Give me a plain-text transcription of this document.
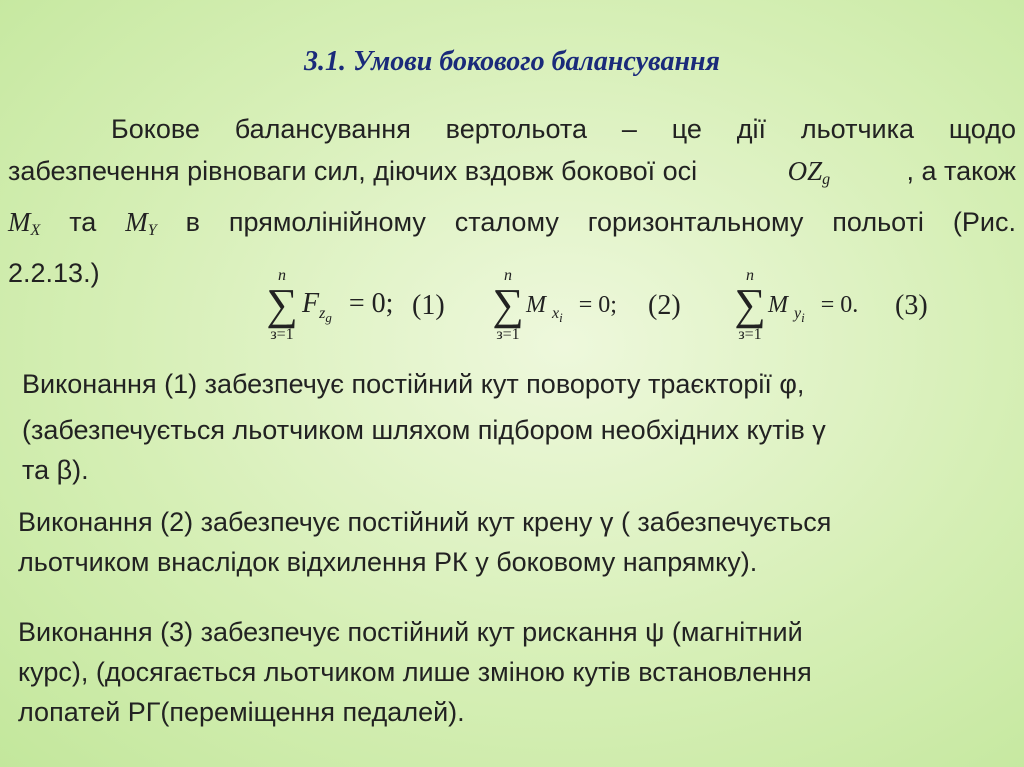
3.1. Умови бокового балансування
Бокове балансування вертольота – це дії льотчика щодо
забезпечення рівноваги сил, діючих вздовж бокової осі	$OZ_g$	, а також
$M_X$ та $M_Y$ в прямолінійному сталому горизонтальному польоті (Рис.
2.2.13.)	n
∑
з=1
$F_{z_g} = 0$; (1)
n
∑
з=1
M $_{x_i}$ = 0; (2)
n
∑
з=1
M $_{y_i}$ = 0. (3)
Виконання (1) забезпечує постійний кут повороту траєкторії φ,
(забезпечується льотчиком шляхом підбором необхідних кутів γ
та β).
Виконання (2) забезпечує постійний кут крену γ ( забезпечується
льотчиком внаслідок відхилення РК у боковому напрямку).
Виконання (3) забезпечує постійний кут рискання ψ (магнітний
курс), (досягається льотчиком лише зміною кутів встановлення
лопатей РГ(переміщення педалей).
